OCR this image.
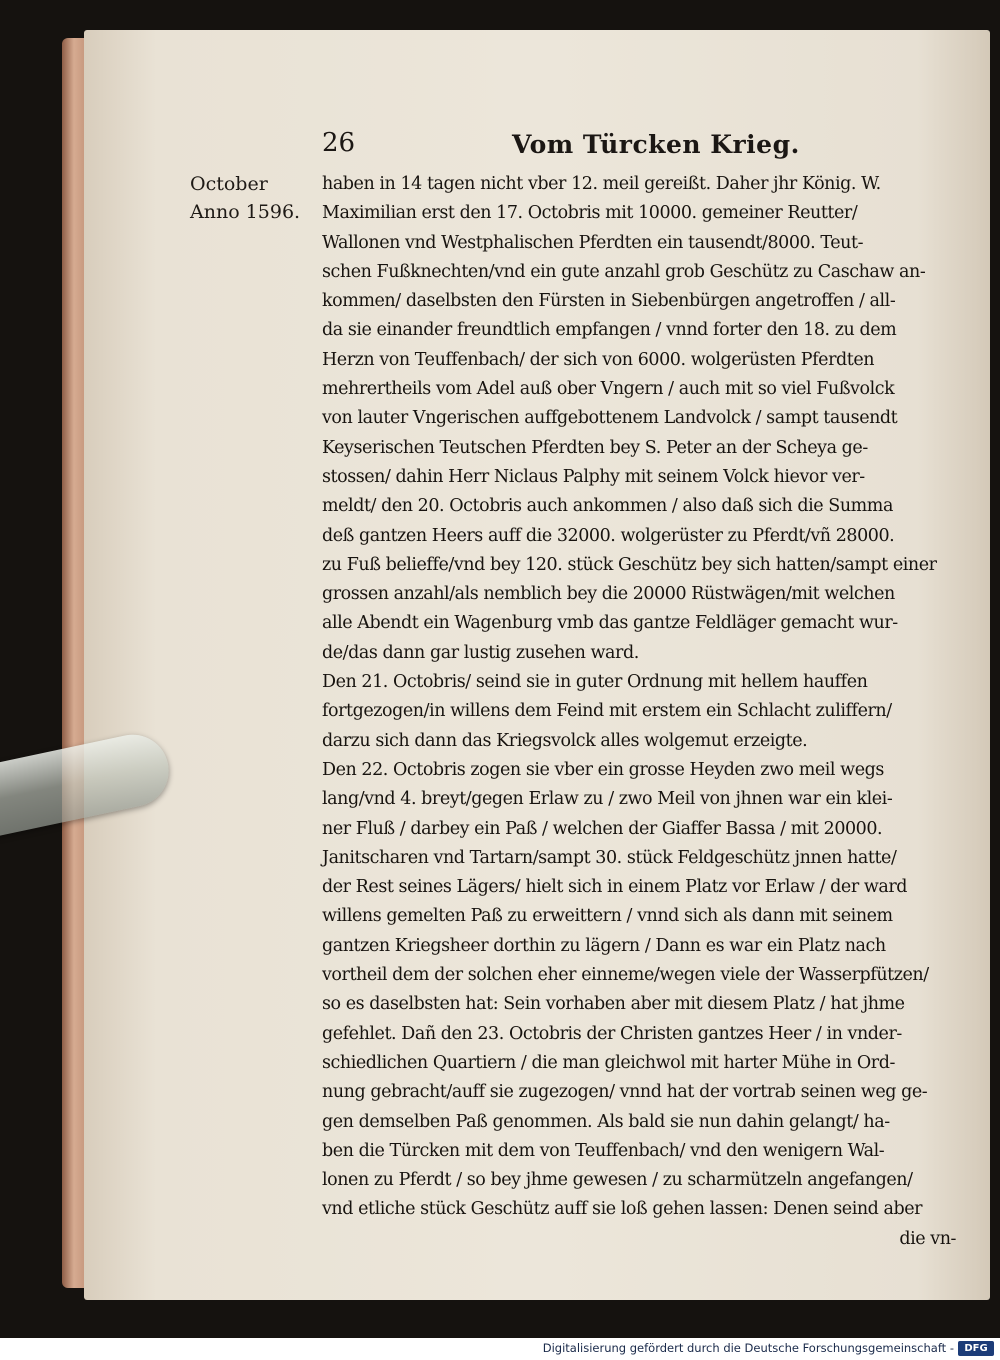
26	Vom Türcken Krieg.
October
Anno 1596.
haben in 14 tagen nicht vber 12. meil gereißt. Daher jhr König. W.
Maximilian erst den 17. Octobris mit 10000. gemeiner Reutter/
Wallonen vnd Westphalischen Pferdten ein tausendt/8000. Teut-
schen Fußknechten/vnd ein gute anzahl grob Geschütz zu Caschaw an-
kommen/ daselbsten den Fürsten in Siebenbürgen angetroffen / all-
da sie einander freundtlich empfangen / vnnd forter den 18. zu dem
Herzn von Teuffenbach/ der sich von 6000. wolgerüsten Pferdten
mehrertheils vom Adel auß ober Vngern / auch mit so viel Fußvolck
von lauter Vngerischen auffgebottenem Landvolck / sampt tausendt
Keyserischen Teutschen Pferdten bey S. Peter an der Scheya ge-
stossen/ dahin Herr Niclaus Palphy mit seinem Volck hievor ver-
meldt/ den 20. Octobris auch ankommen / also daß sich die Summa
deß gantzen Heers auff die 32000. wolgerüster zu Pferdt/vñ 28000.
zu Fuß belieffe/vnd bey 120. stück Geschütz bey sich hatten/sampt einer
grossen anzahl/als nemblich bey die 20000 Rüstwägen/mit welchen
alle Abendt ein Wagenburg vmb das gantze Feldläger gemacht wur-
de/das dann gar lustig zusehen ward.
Den 21. Octobris/ seind sie in guter Ordnung mit hellem hauffen
fortgezogen/in willens dem Feind mit erstem ein Schlacht zuliffern/
darzu sich dann das Kriegsvolck alles wolgemut erzeigte.
Den 22. Octobris zogen sie vber ein grosse Heyden zwo meil wegs
lang/vnd 4. breyt/gegen Erlaw zu / zwo Meil von jhnen war ein klei-
ner Fluß / darbey ein Paß / welchen der Giaffer Bassa / mit 20000.
Janitscharen vnd Tartarn/sampt 30. stück Feldgeschütz jnnen hatte/
der Rest seines Lägers/ hielt sich in einem Platz vor Erlaw / der ward
willens gemelten Paß zu erweittern / vnnd sich als dann mit seinem
gantzen Kriegsheer dorthin zu lägern / Dann es war ein Platz nach
vortheil dem der solchen eher einneme/wegen viele der Wasserpfützen/
so es daselbsten hat: Sein vorhaben aber mit diesem Platz / hat jhme
gefehlet. Dañ den 23. Octobris der Christen gantzes Heer / in vnder-
schiedlichen Quartiern / die man gleichwol mit harter Mühe in Ord-
nung gebracht/auff sie zugezogen/ vnnd hat der vortrab seinen weg ge-
gen demselben Paß genommen. Als bald sie nun dahin gelangt/ ha-
ben die Türcken mit dem von Teuffenbach/ vnd den wenigern Wal-
lonen zu Pferdt / so bey jhme gewesen / zu scharmützeln angefangen/
vnd etliche stück Geschütz auff sie loß gehen lassen: Denen seind aber
die vn-
Digitalisierung gefördert durch die Deutsche Forschungsgemeinschaft -	DFG
